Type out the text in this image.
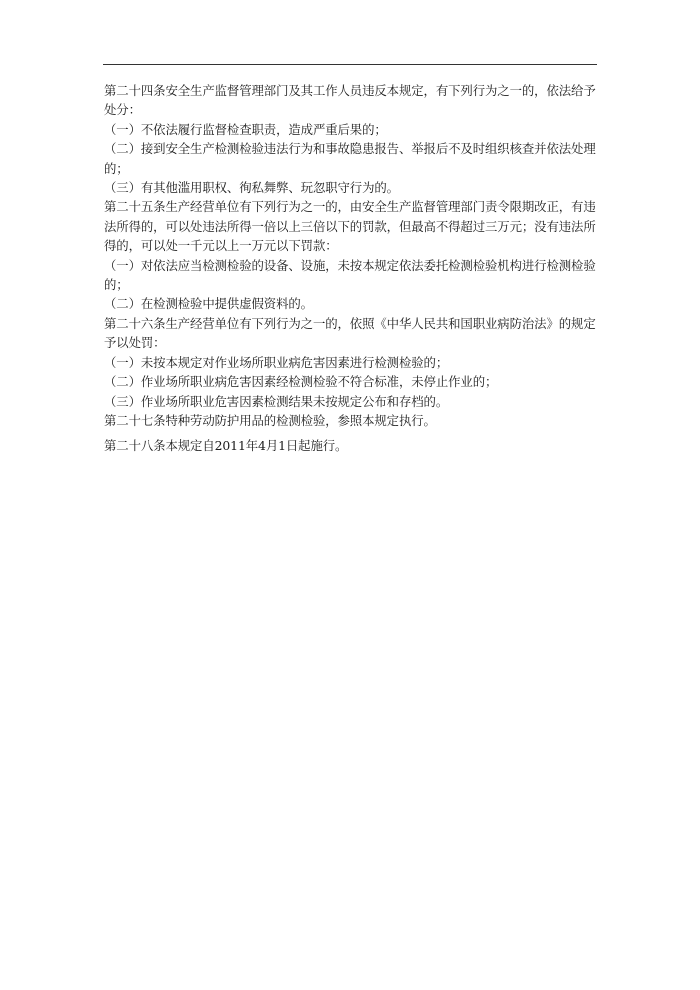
第二十四条安全生产监督管理部门及其工作人员违反本规定，有下列行为之一的，依法给予处分：

（一）不依法履行监督检查职责，造成严重后果的；

（二）接到安全生产检测检验违法行为和事故隐患报告、举报后不及时组织核查并依法处理的；

（三）有其他滥用职权、徇私舞弊、玩忽职守行为的。

第二十五条生产经营单位有下列行为之一的，由安全生产监督管理部门责令限期改正，有违法所得的，可以处违法所得一倍以上三倍以下的罚款，但最高不得超过三万元；没有违法所得的，可以处一千元以上一万元以下罚款：

（一）对依法应当检测检验的设备、设施，未按本规定依法委托检测检验机构进行检测检验的；

（二）在检测检验中提供虚假资料的。

第二十六条生产经营单位有下列行为之一的，依照《中华人民共和国职业病防治法》的规定予以处罚：

（一）未按本规定对作业场所职业病危害因素进行检测检验的；

（二）作业场所职业病危害因素经检测检验不符合标准，未停止作业的；

（三）作业场所职业危害因素检测结果未按规定公布和存档的。

第二十七条特种劳动防护用品的检测检验，参照本规定执行。

第二十八条本规定自2011年4月1日起施行。
